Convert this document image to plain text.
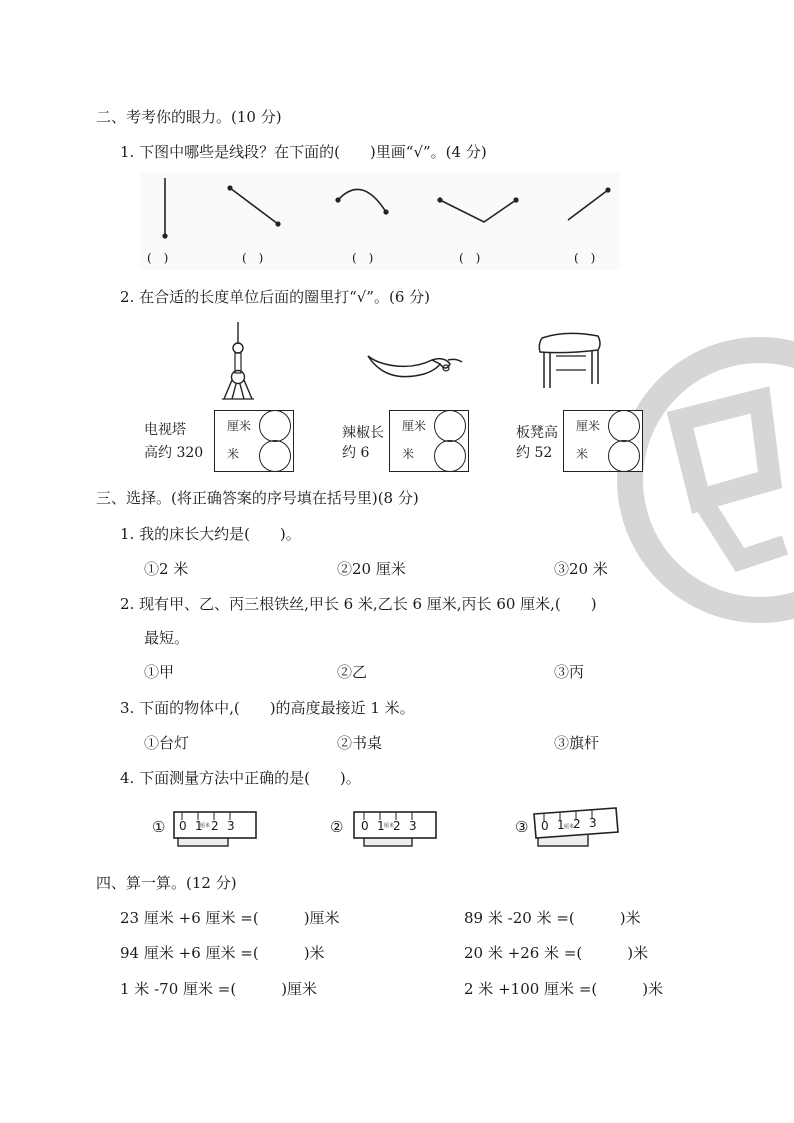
二、考考你的眼力。(10 分)
1. 下图中哪些是线段？在下面的(　　)里画“√”。(4 分)
(　)	(　)	(　)	(　)	(　)
2. 在合适的长度单位后面的圈里打“√”。(6 分)
电视塔
高约 320
厘米
米
辣椒长
约 6
厘米
米
板凳高
约 52
厘米
米
三、选择。(将正确答案的序号填在括号里)(8 分)
1. 我的床长大约是(　　)。
①2 米	②20 厘米	③20 米
2. 现有甲、乙、丙三根铁丝,甲长 6 米,乙长 6 厘米,丙长 60 厘米,(　　)
最短。
①甲	②乙	③丙
3. 下面的物体中,(　　)的高度最接近 1 米。
①台灯	②书桌	③旗杆
4. 下面测量方法中正确的是(　　)。
①	②	③
0 1 2 3
厘米	0 1 2 3
厘米	0 1 2 3
厘米
四、算一算。(12 分)
23 厘米 +6 厘米 =(　　　)厘米	89 米 -20 米 =(　　　)米
94 厘米 +6 厘米 =(　　　)米	20 米 +26 米 =(　　　)米
1 米 -70 厘米 =(　　　)厘米	2 米 +100 厘米 =(　　　)米
